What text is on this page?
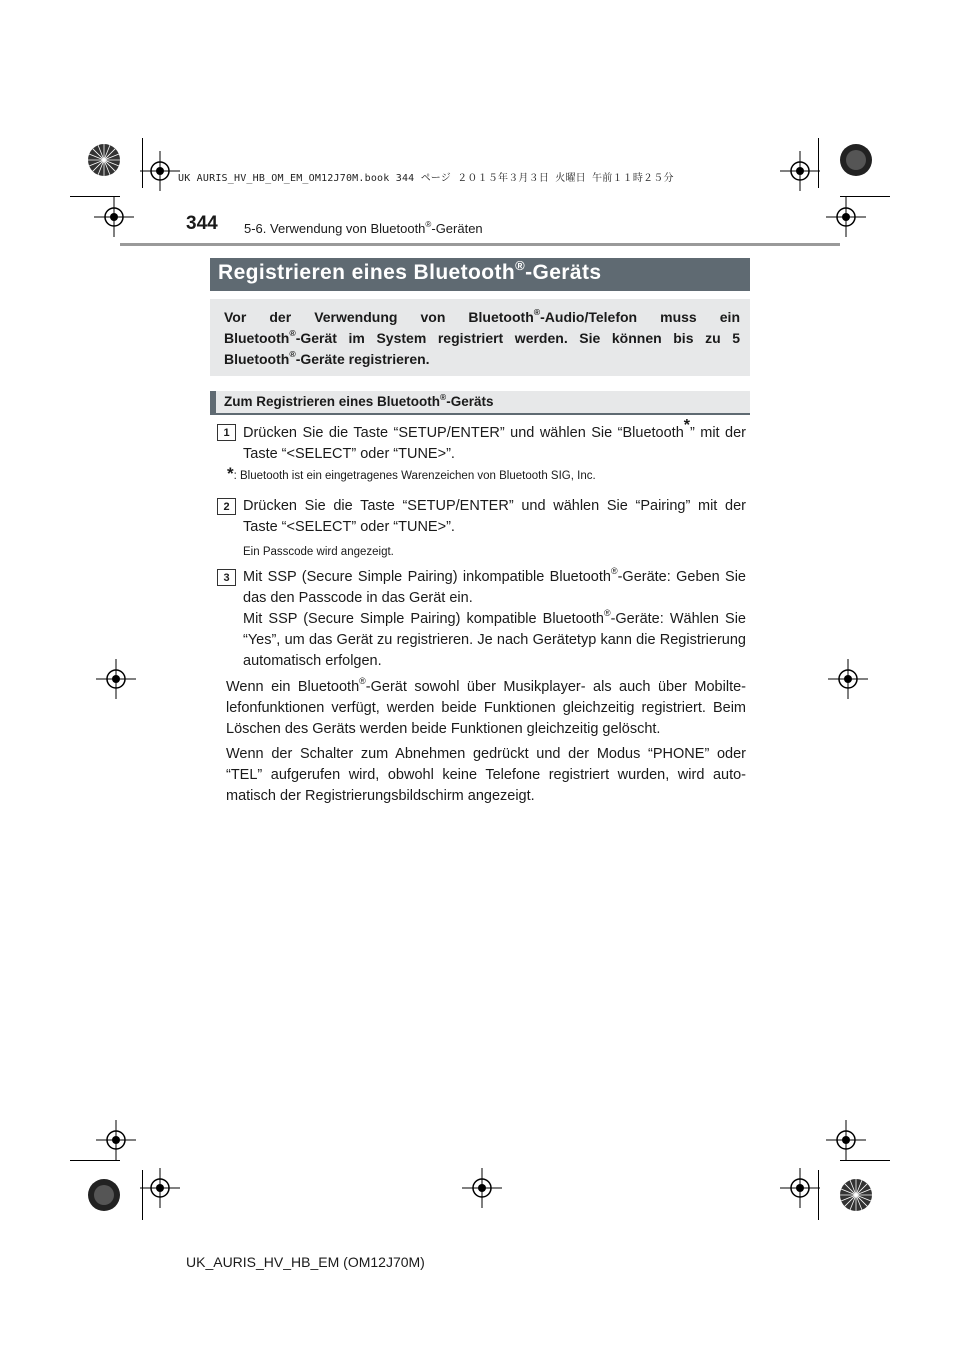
UK AURIS_HV_HB_OM_EM_OM12J70M.book 344 ページ ２０１５年３月３日 火曜日 午前１１時２５分
344 5-6. Verwendung von Bluetooth®-Geräten
Registrieren eines Bluetooth®-Geräts
Vor der Verwendung von Bluetooth®-Audio/Telefon muss ein
Bluetooth®-Gerät im System registriert werden. Sie können bis zu 5
Bluetooth®-Geräte registrieren.
Zum Registrieren eines Bluetooth®-Geräts
1 Drücken Sie die Taste “SETUP/ENTER” und wählen Sie “Bluetooth*” mit der Taste “<SELECT” oder “TUNE>”.
*: Bluetooth ist ein eingetragenes Warenzeichen von Bluetooth SIG, Inc.
2 Drücken Sie die Taste “SETUP/ENTER” und wählen Sie “Pairing” mit der Taste “<SELECT” oder “TUNE>”.
Ein Passcode wird angezeigt.
3 Mit SSP (Secure Simple Pairing) inkompatible Bluetooth®-Geräte: Geben Sie das den Passcode in das Gerät ein.
Mit SSP (Secure Simple Pairing) kompatible Bluetooth®-Geräte: Wählen Sie “Yes”, um das Gerät zu registrieren. Je nach Gerätetyp kann die Registrierung automatisch erfolgen.
Wenn ein Bluetooth®-Gerät sowohl über Musikplayer- als auch über Mobilte-lefonfunktionen verfügt, werden beide Funktionen gleichzeitig registriert. Beim Löschen des Geräts werden beide Funktionen gleichzeitig gelöscht.
Wenn der Schalter zum Abnehmen gedrückt und der Modus “PHONE” oder “TEL” aufgerufen wird, obwohl keine Telefone registriert wurden, wird auto-matisch der Registrierungsbildschirm angezeigt.
UK_AURIS_HV_HB_EM (OM12J70M)
